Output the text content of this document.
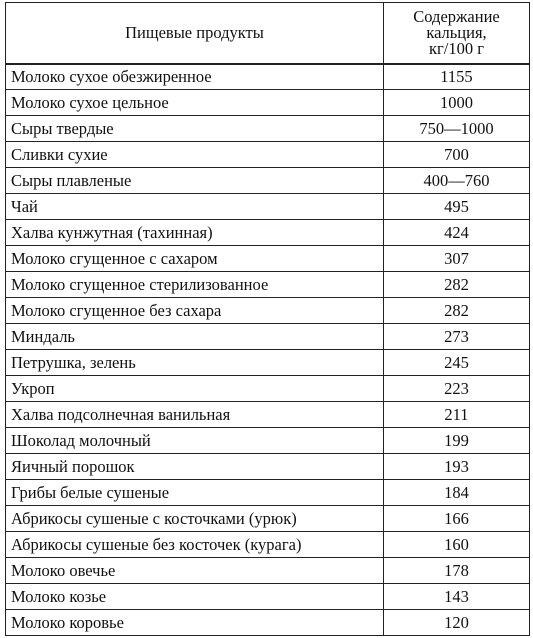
Пищевые продукты	Содержание
кальция,
кг/100 г

Молоко сухое обезжиренное	1155
Молоко сухое цельное	1000
Сыры твердые	750—1000
Сливки сухие	700
Сыры плавленые	400—760
Чай	495
Халва кунжутная (тахинная)	424
Молоко сгущенное с сахаром	307
Молоко сгущенное стерилизованное	282
Молоко сгущенное без сахара	282
Миндаль	273
Петрушка, зелень	245
Укроп	223
Халва подсолнечная ванильная	211
Шоколад молочный	199
Яичный порошок	193
Грибы белые сушеные	184
Абрикосы сушеные с косточками (урюк)	166
Абрикосы сушеные без косточек (курага)	160
Молоко овечье	178
Молоко козье	143
Молоко коровье	120
